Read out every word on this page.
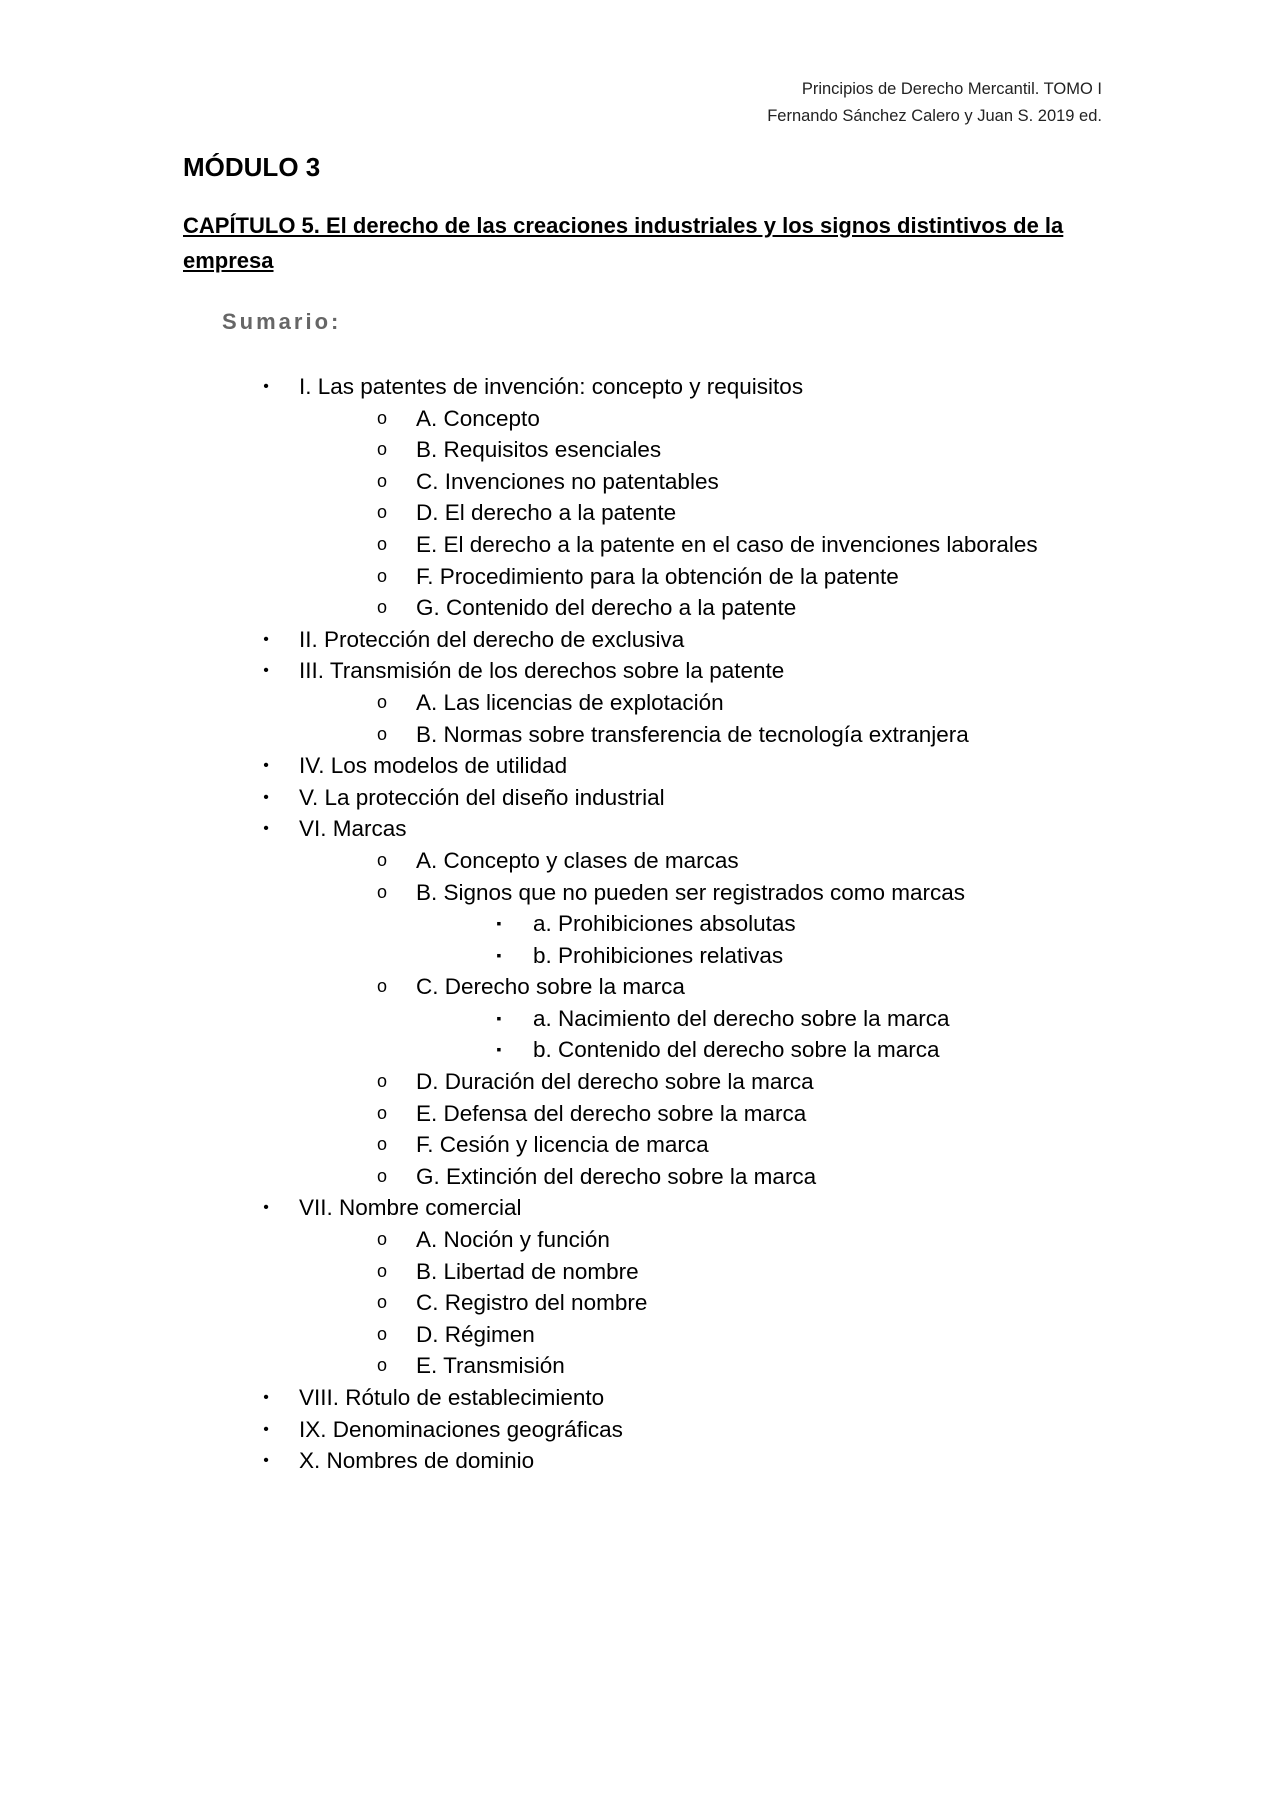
Principios de Derecho Mercantil. TOMO I
Fernando Sánchez Calero y Juan S. 2019 ed.
MÓDULO 3
CAPÍTULO 5. El derecho de las creaciones industriales y los signos distintivos de la empresa
Sumario:
•	I. Las patentes de invención: concepto y requisitos
o A. Concepto
o B. Requisitos esenciales
o C. Invenciones no patentables
o D. El derecho a la patente
o E. El derecho a la patente en el caso de invenciones laborales
o F. Procedimiento para la obtención de la patente
o G. Contenido del derecho a la patente
•	II. Protección del derecho de exclusiva
•	III. Transmisión de los derechos sobre la patente
o A. Las licencias de explotación
o B. Normas sobre transferencia de tecnología extranjera
•	IV. Los modelos de utilidad
•	V. La protección del diseño industrial
•	VI. Marcas
o A. Concepto y clases de marcas
o B. Signos que no pueden ser registrados como marcas
▪	a. Prohibiciones absolutas
▪	b. Prohibiciones relativas
o C. Derecho sobre la marca
▪	a. Nacimiento del derecho sobre la marca
▪	b. Contenido del derecho sobre la marca
o D. Duración del derecho sobre la marca
o E. Defensa del derecho sobre la marca
o F. Cesión y licencia de marca
o G. Extinción del derecho sobre la marca
•	VII. Nombre comercial
o A. Noción y función
o B. Libertad de nombre
o C. Registro del nombre
o D. Régimen
o E. Transmisión
•	VIII. Rótulo de establecimiento
•	IX. Denominaciones geográficas
•	X. Nombres de dominio
